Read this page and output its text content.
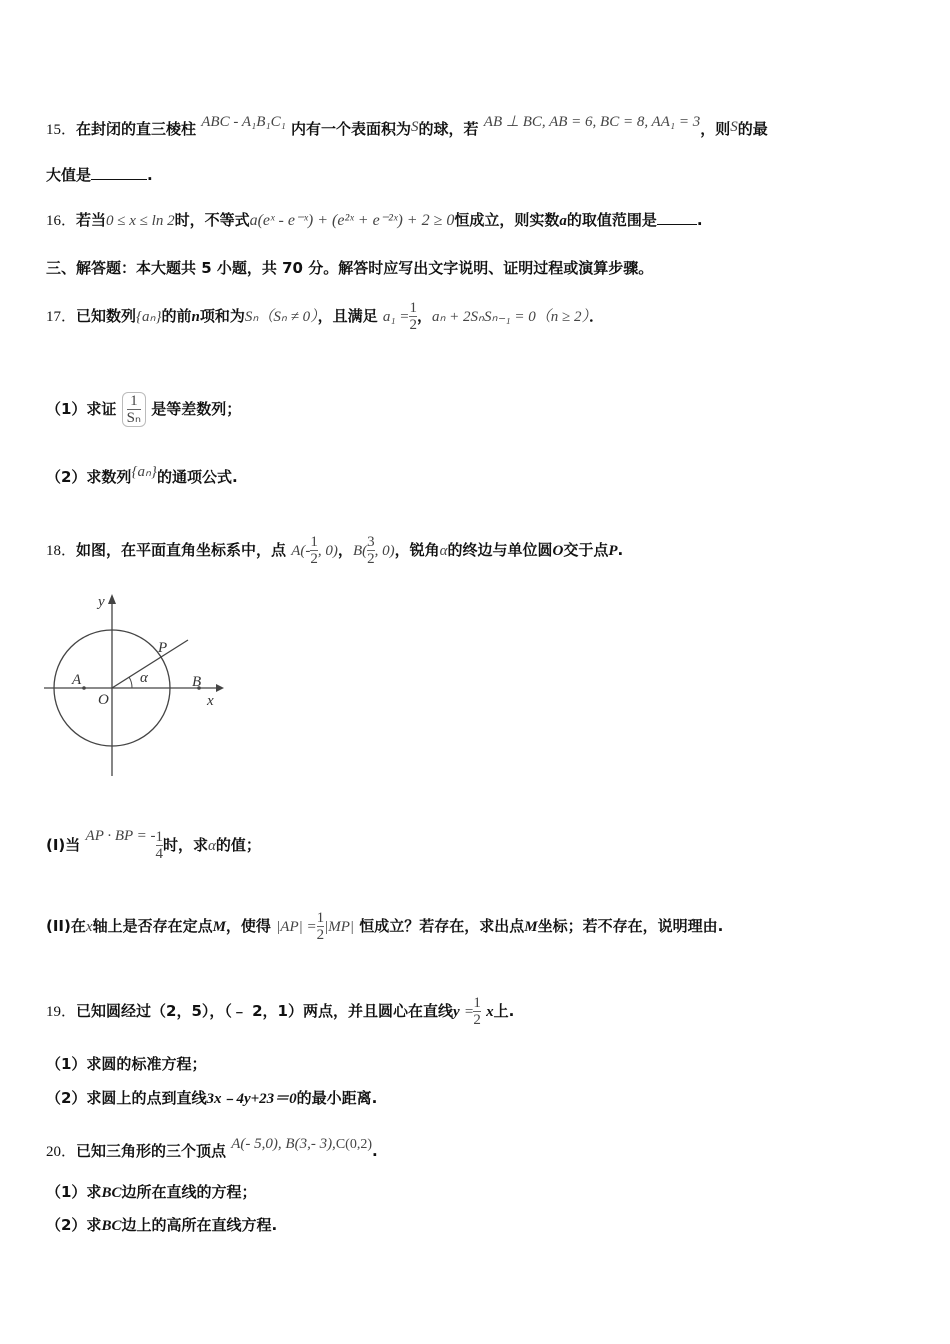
15．在封闭的直三棱柱 ABC - A₁B₁C₁ 内有一个表面积为S的球，若 AB ⊥ BC, AB = 6, BC = 8, AA₁ = 3，则S的最
大值是	.
16．若当0 ≤ x ≤ ln 2时，不等式a(eˣ - e⁻ˣ) + (e²ˣ + e⁻²ˣ) + 2 ≥ 0恒成立，则实数a的取值范围是	.
三、解答题：本大题共 5 小题，共 70 分。解答时应写出文字说明、证明过程或演算步骤。
17．已知数列{aₙ}的前n项和为Sₙ（Sₙ ≠ 0），且满足 $a_1 = \frac{1}{2}$ ，aₙ + 2SₙSₙ₋₁ = 0（n ≥ 2）．
（1）求证 $\frac{1}{\text{Sₙ}}$ 是等差数列；
（2）求数列{aₙ}的通项公式.
18．如图，在平面直角坐标系中，点 $A(- \frac{1}{2}$ , 0)，$B( \frac{3}{2}$ , 0)，锐角α的终边与单位圆O交于点P.
y
x
P
A	B
O
α
(I)当 AP · BP = - $\frac{1}{4}$ 时，求α的值；
(II)在x轴上是否存在定点M，使得 $|AP| = \frac{1}{2} |MP|$ 恒成立？若存在，求出点M坐标；若不存在，说明理由.
19．已知圆经过（2，5），（﹣ 2，1）两点，并且圆心在直线$y = \frac{1}{2}$ x上.
（1）求圆的标准方程；
（2）求圆上的点到直线3x﹣4y+23＝0的最小距离.
20．已知三角形的三个顶点 A(- 5,0), B(3,- 3),C(0,2).
（1）求BC边所在直线的方程；
（2）求BC边上的高所在直线方程.
